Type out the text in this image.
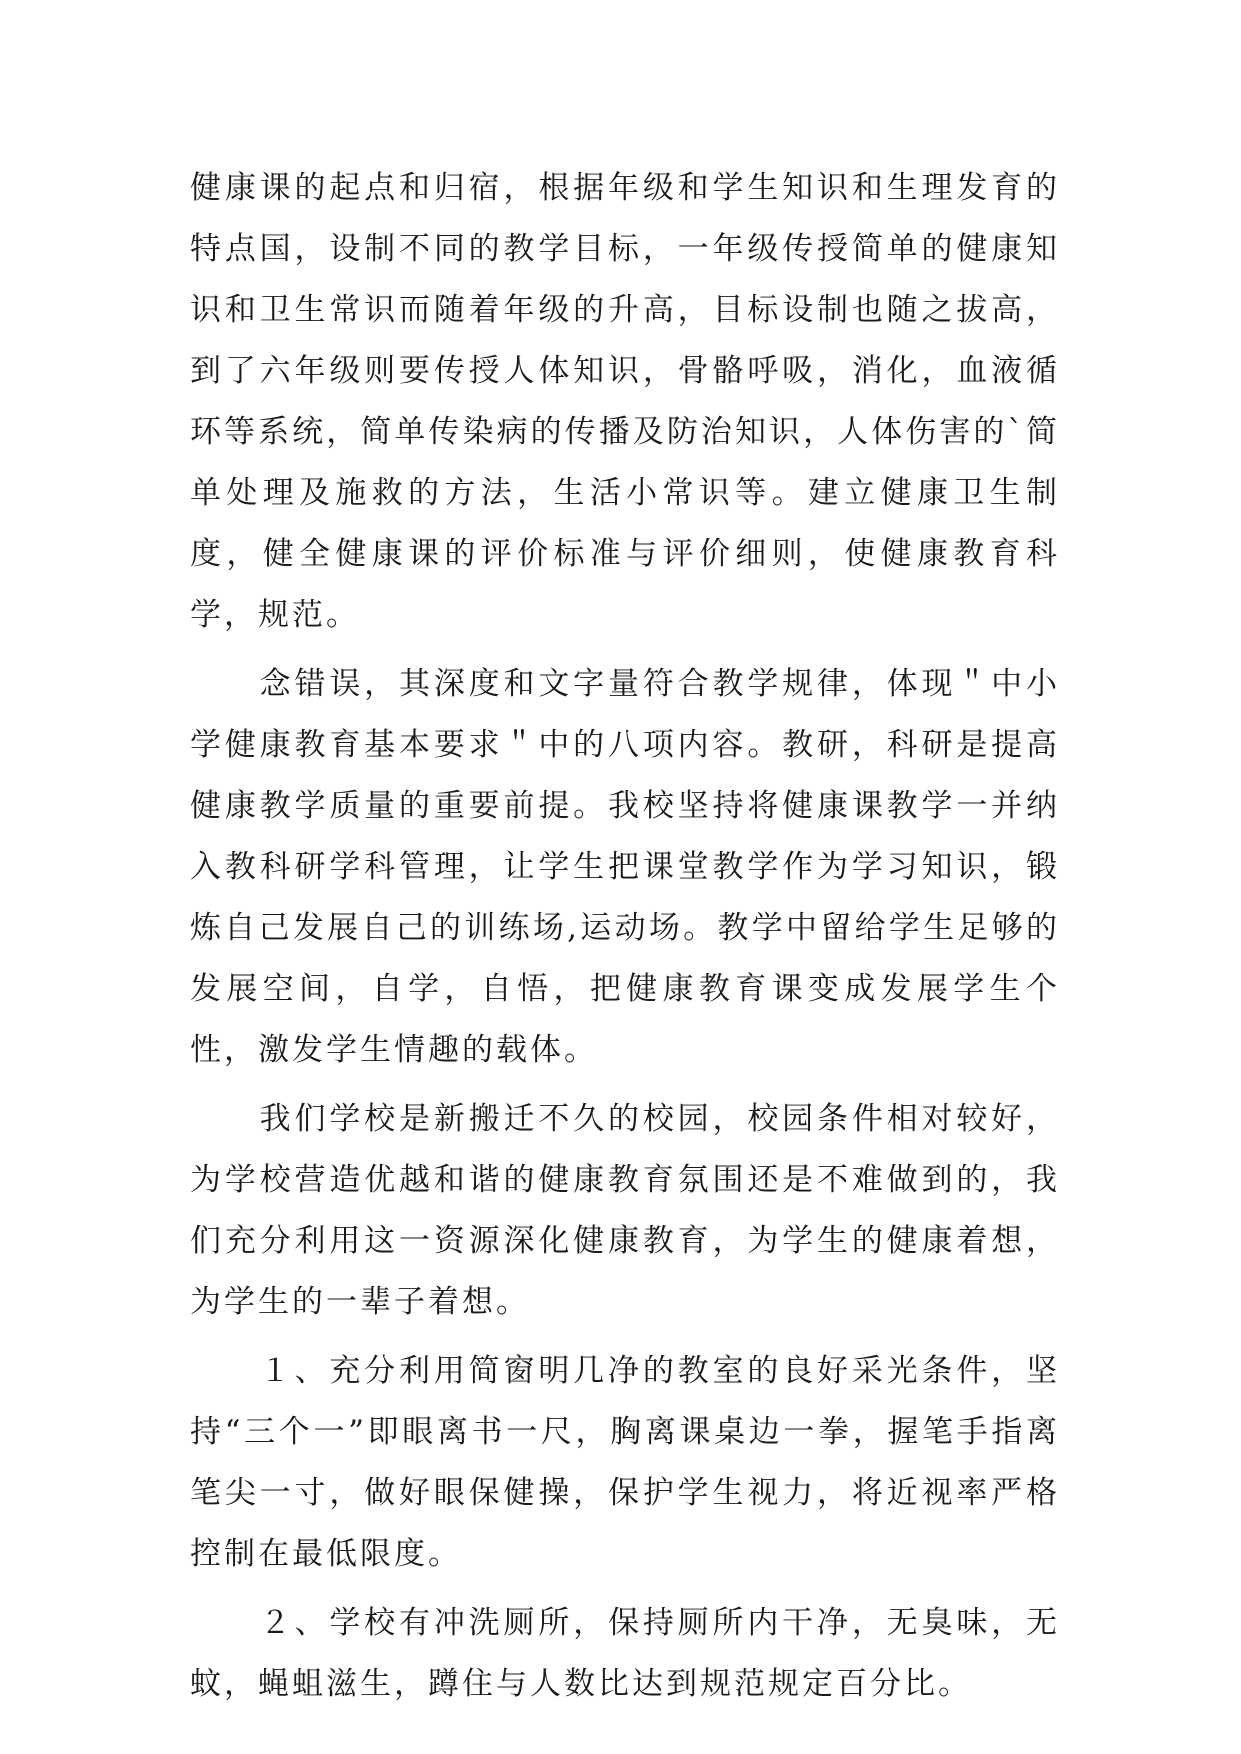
健康课的起点和归宿，根据年级和学生知识和生理发育的特点国，设制不同的教学目标，一年级传授简单的健康知识和卫生常识而随着年级的升高，目标设制也随之拔高，到了六年级则要传授人体知识，骨骼呼吸，消化，血液循环等系统，简单传染病的传播及防治知识，人体伤害的`简单处理及施救的方法，生活小常识等。建立健康卫生制度，健全健康课的评价标准与评价细则，使健康教育科学，规范。

　　念错误，其深度和文字量符合教学规律，体现＂中小学健康教育基本要求＂中的八项内容。教研，科研是提高健康教学质量的重要前提。我校坚持将健康课教学一并纳入教科研学科管理，让学生把课堂教学作为学习知识，锻炼自己发展自己的训练场,运动场。教学中留给学生足够的发展空间，自学，自悟，把健康教育课变成发展学生个性，激发学生情趣的载体。

　　我们学校是新搬迁不久的校园，校园条件相对较好，为学校营造优越和谐的健康教育氛围还是不难做到的，我们充分利用这一资源深化健康教育，为学生的健康着想，为学生的一辈子着想。

　　１、充分利用简窗明几净的教室的良好采光条件，坚持“三个一”即眼离书一尺，胸离课桌边一拳，握笔手指离笔尖一寸，做好眼保健操，保护学生视力，将近视率严格控制在最低限度。

　　２、学校有冲洗厕所，保持厕所内干净，无臭味，无蚊，蝇蛆滋生，蹲住与人数比达到规范规定百分比。
